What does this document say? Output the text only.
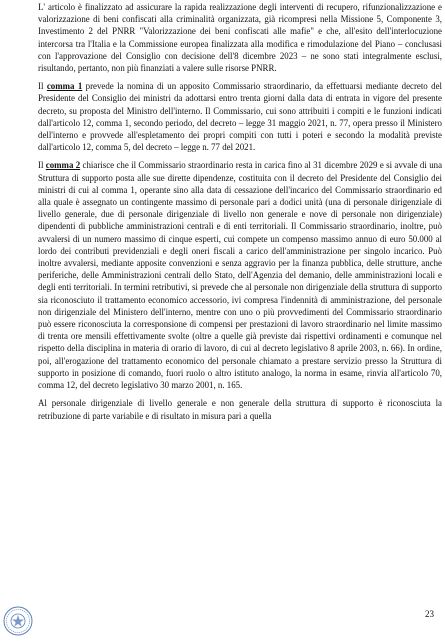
L' articolo è finalizzato ad assicurare la rapida realizzazione degli interventi di recupero, rifunzionalizzazione e valorizzazione di beni confiscati alla criminalità organizzata, già ricompresi nella Missione 5, Componente 3, Investimento 2 del PNRR "Valorizzazione dei beni confiscati alle mafie" e che, all'esito dell'interlocuzione intercorsa tra l'Italia e la Commissione europea finalizzata alla modifica e rimodulazione del Piano – conclusasi con l'approvazione del Consiglio con decisione dell'8 dicembre 2023 – ne sono stati integralmente esclusi, risultando, pertanto, non più finanziati a valere sulle risorse PNRR.

Il comma 1 prevede la nomina di un apposito Commissario straordinario, da effettuarsi mediante decreto del Presidente del Consiglio dei ministri da adottarsi entro trenta giorni dalla data di entrata in vigore del presente decreto, su proposta del Ministro dell'interno. Il Commissario, cui sono attribuiti i compiti e le funzioni indicati dall'articolo 12, comma 1, secondo periodo, del decreto – legge 31 maggio 2021, n. 77, opera presso il Ministero dell'interno e provvede all'espletamento dei propri compiti con tutti i poteri e secondo la modalità previste dall'articolo 12, comma 5, del decreto – legge n. 77 del 2021.

Il comma 2 chiarisce che il Commissario straordinario resta in carica fino al 31 dicembre 2029 e si avvale di una Struttura di supporto posta alle sue dirette dipendenze, costituita con il decreto del Presidente del Consiglio dei ministri di cui al comma 1, operante sino alla data di cessazione dell'incarico del Commissario straordinario ed alla quale è assegnato un contingente massimo di personale pari a dodici unità (una di personale dirigenziale di livello generale, due di personale dirigenziale di livello non generale e nove di personale non dirigenziale) dipendenti di pubbliche amministrazioni centrali e di enti territoriali. Il Commissario straordinario, inoltre, può avvalersi di un numero massimo di cinque esperti, cui compete un compenso massimo annuo di euro 50.000 al lordo dei contributi previdenziali e degli oneri fiscali a carico dell'amministrazione per singolo incarico. Può inoltre avvalersi, mediante apposite convenzioni e senza aggravio per la finanza pubblica, delle strutture, anche periferiche, delle Amministrazioni centrali dello Stato, dell'Agenzia del demanio, delle amministrazioni locali e degli enti territoriali. In termini retributivi, si prevede che al personale non dirigenziale della struttura di supporto sia riconosciuto il trattamento economico accessorio, ivi compresa l'indennità di amministrazione, del personale non dirigenziale del Ministero dell'interno, mentre con uno o più provvedimenti del Commissario straordinario può essere riconosciuta la corresponsione di compensi per prestazioni di lavoro straordinario nel limite massimo di trenta ore mensili effettivamente svolte (oltre a quelle già previste dai rispettivi ordinamenti e comunque nel rispetto della disciplina in materia di orario di lavoro, di cui al decreto legislativo 8 aprile 2003, n. 66). In ordine, poi, all'erogazione del trattamento economico del personale chiamato a prestare servizio presso la Struttura di supporto in posizione di comando, fuori ruolo o altro istituto analogo, la norma in esame, rinvia all'articolo 70, comma 12, del decreto legislativo 30 marzo 2001, n. 165.

Al personale dirigenziale di livello generale e non generale della struttura di supporto è riconosciuta la retribuzione di parte variabile e di risultato in misura pari a quella

23
